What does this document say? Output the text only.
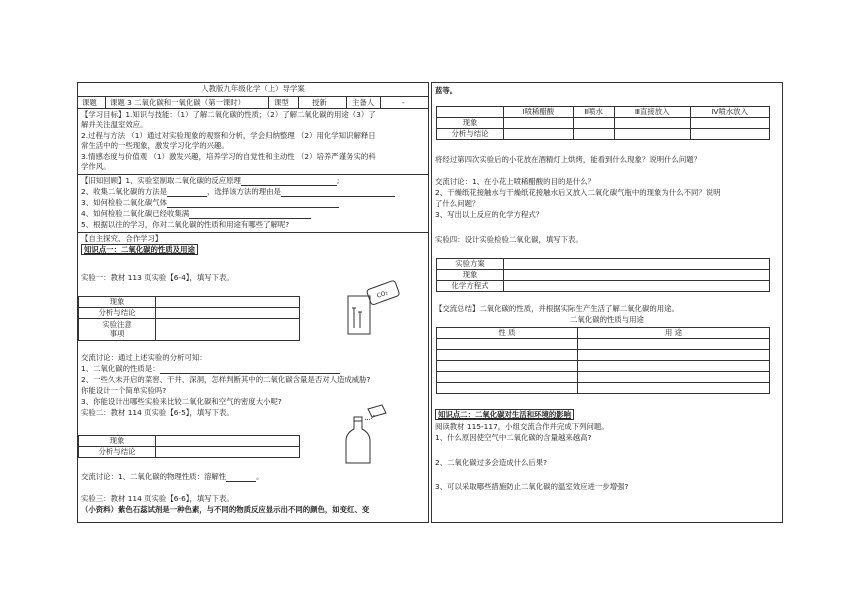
人教版九年级化学（上）导学案
课题 课题 3 二氧化碳和一氧化碳（第一课时）	课型	授新	主备人	-
【学习目标】1.知识与技能：（1）了解二氧化碳的性质；（2）了解二氧化碳的用途（3）了
解并关注温室效应。
2.过程与方法 （1）通过对实验现象的观察和分析，学会归纳整理 （2）用化学知识解释日
常生活中的一些现象，激发学习化学的兴趣。
3.情感态度与价值观 （1）激发兴趣，培养学习的自觉性和主动性 （2）培养严谨务实的科
学作风。
【旧知回顾】1、实验室制取二氧化碳的反应原理	;
2、收集二氧化碳的方法是	，选择该方法的理由是
3、如何检验二氧化碳气体
4、如何检验二氧化碳已经收集满
5、根据以往的学习，你对二氧化碳的性质和用途有哪些了解呢?
【自主探究、合作学习】
知识点一：二氧化碳的性质及用途
实验一：教材 113 页实验【6-4】，填写下表。
现象	
分析与结论	
实验注意
事项	
CO₂
交流讨论：通过上述实验的分析可知：
1、二氧化碳的性质是：
2、一些久未开启的菜窖、干井、深洞，怎样判断其中的二氧化碳含量是否对人造成威胁?
你能设计一个简单实验吗?
3、你能设计出哪些实验来比较二氧化碳和空气的密度大小呢?
实验二：教材 114 页实验【6-5】，填写下表。
现象	
分析与结论	
交流讨论：1、二氧化碳的物理性质：溶解性	。
实验三：教材 114 页实验【6-6】，填写下表。
（小资料）紫色石蕊试剂是一种色素，与不同的物质反应显示出不同的颜色，如变红、变
蓝等。
	Ⅰ喷稀醋酸	Ⅱ喷水	Ⅲ直接放入	Ⅳ喷水放入
现象				
分析与结论				
将经过第四次实验后的小花放在酒精灯上烘烤，能看到什么现象？说明什么问题？
交流讨论：1、在小花上喷稀醋酸的目的是什么？
2、干燥纸花接触水与干燥纸花接触水后又放入二氧化碳气瓶中的现象为什么不同？说明
了什么问题？
3、写出以上反应的化学方程式？
实验四：设计实验检验二氧化碳，填写下表。
实验方案	
现象	
化学方程式	
【交流总结】二氧化碳的性质，并根据实际生产生活了解二氧化碳的用途。
二氧化碳的性质与用途
性 质	用 途

知识点二：二氧化碳对生活和环境的影响
阅读教材 115-117，小组交流合作并完成下列问题。
1、什么原因使空气中二氧化碳的含量越来越高?
2、二氧化碳过多会造成什么后果?
3、可以采取哪些措施防止二氧化碳的温室效应进一步增强?
